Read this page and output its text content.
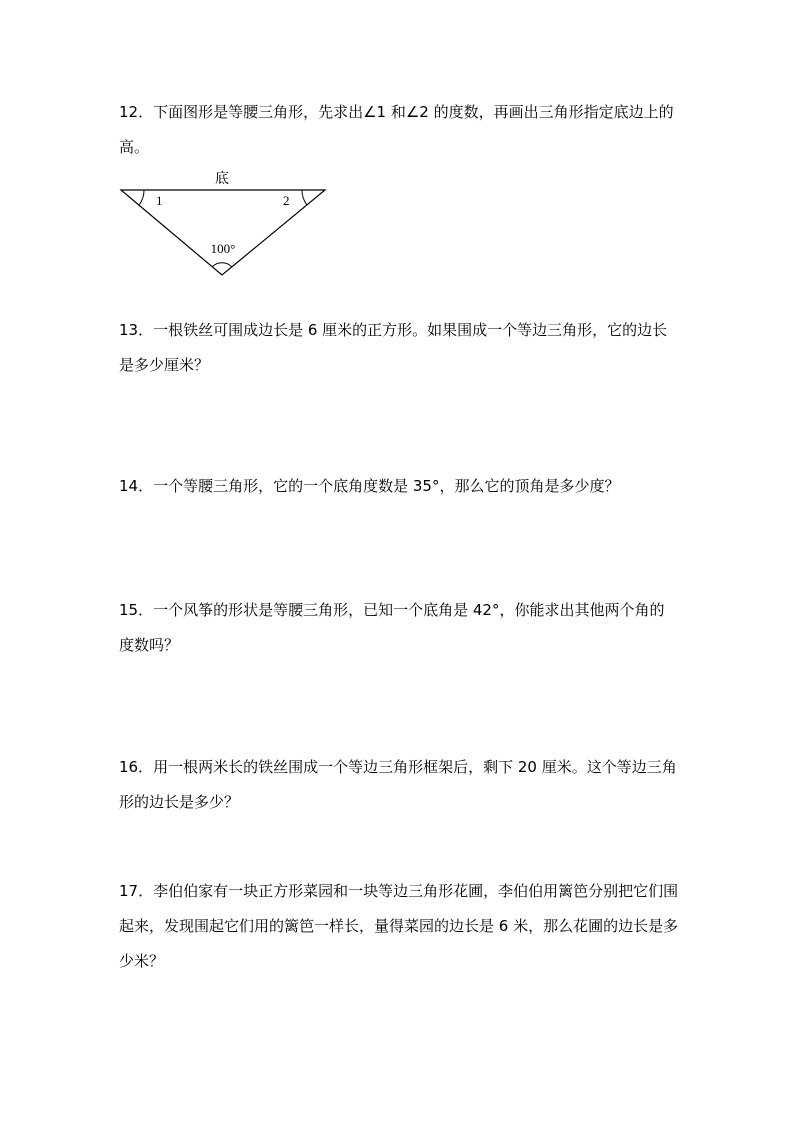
12．下面图形是等腰三角形，先求出∠1 和∠2 的度数，再画出三角形指定底边上的高。

底
1	2
100°

13．一根铁丝可围成边长是 6 厘米的正方形。如果围成一个等边三角形，它的边长是多少厘米？

14．一个等腰三角形，它的一个底角度数是 35°，那么它的顶角是多少度？

15．一个风筝的形状是等腰三角形，已知一个底角是 42°，你能求出其他两个角的度数吗？

16．用一根两米长的铁丝围成一个等边三角形框架后，剩下 20 厘米。这个等边三角形的边长是多少？

17．李伯伯家有一块正方形菜园和一块等边三角形花圃，李伯伯用篱笆分别把它们围起来，发现围起它们用的篱笆一样长，量得菜园的边长是 6 米，那么花圃的边长是多少米？
